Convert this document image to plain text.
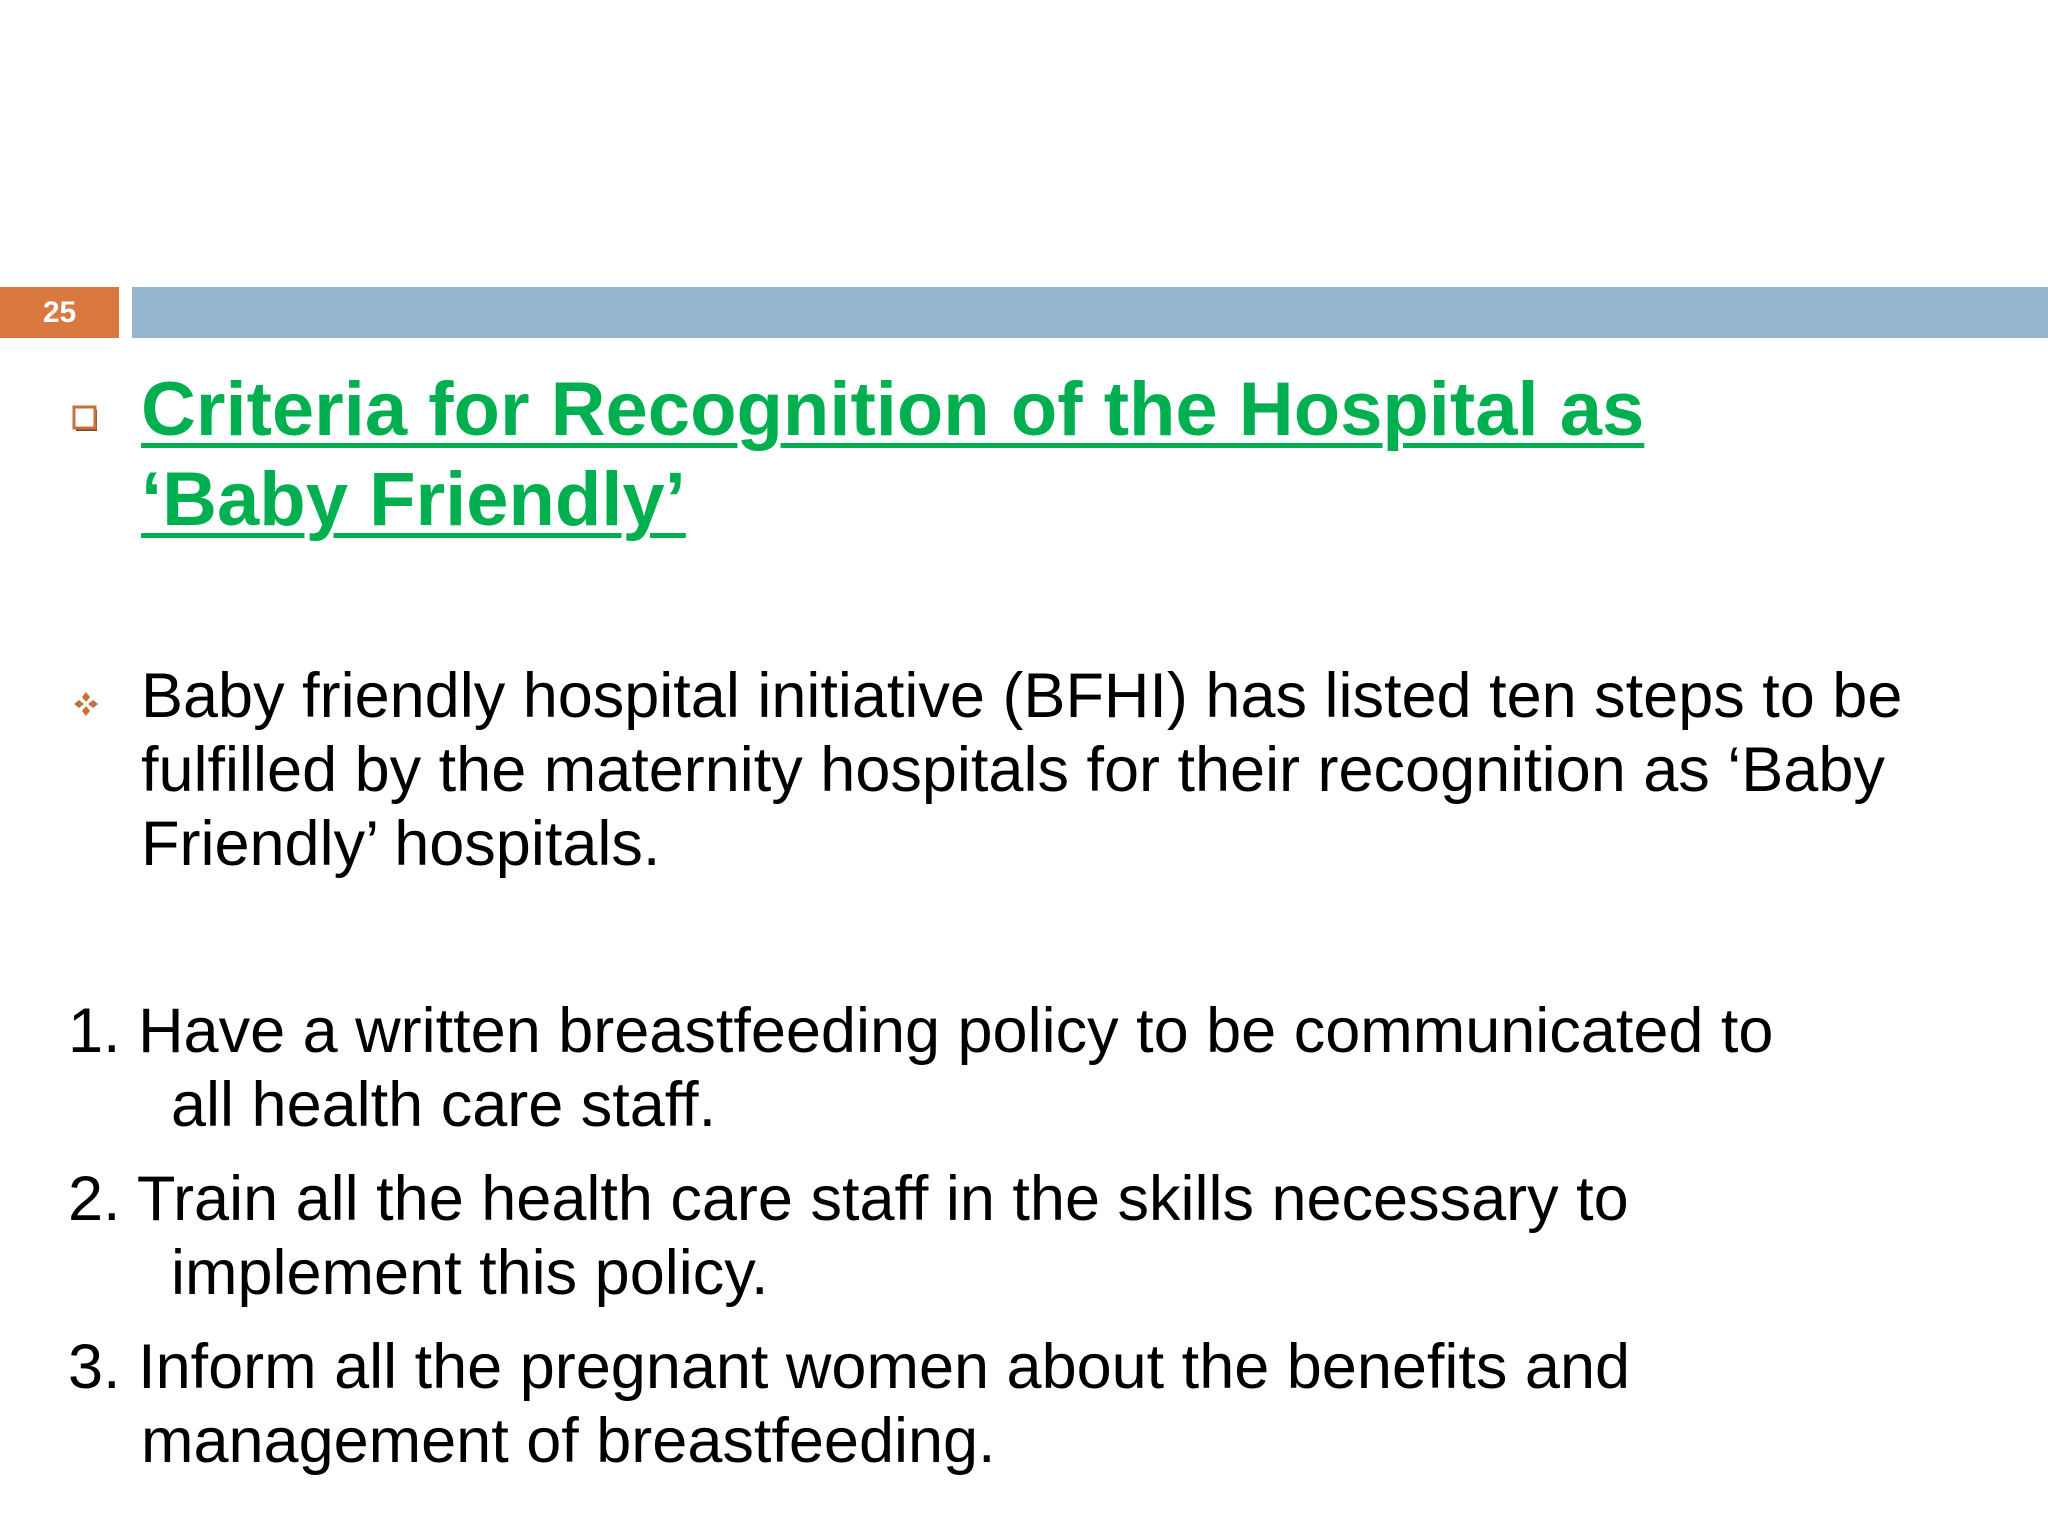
25
Criteria for Recognition of the Hospital as
‘Baby Friendly’

Baby friendly hospital initiative (BFHI) has listed ten steps to be fulfilled by the maternity hospitals for their recognition as ‘Baby Friendly’ hospitals.

1. Have a written breastfeeding policy to be communicated to
all health care staff.

2. Train all the health care staff in the skills necessary to
implement this policy.

3. Inform all the pregnant women about the benefits and
management of breastfeeding.
